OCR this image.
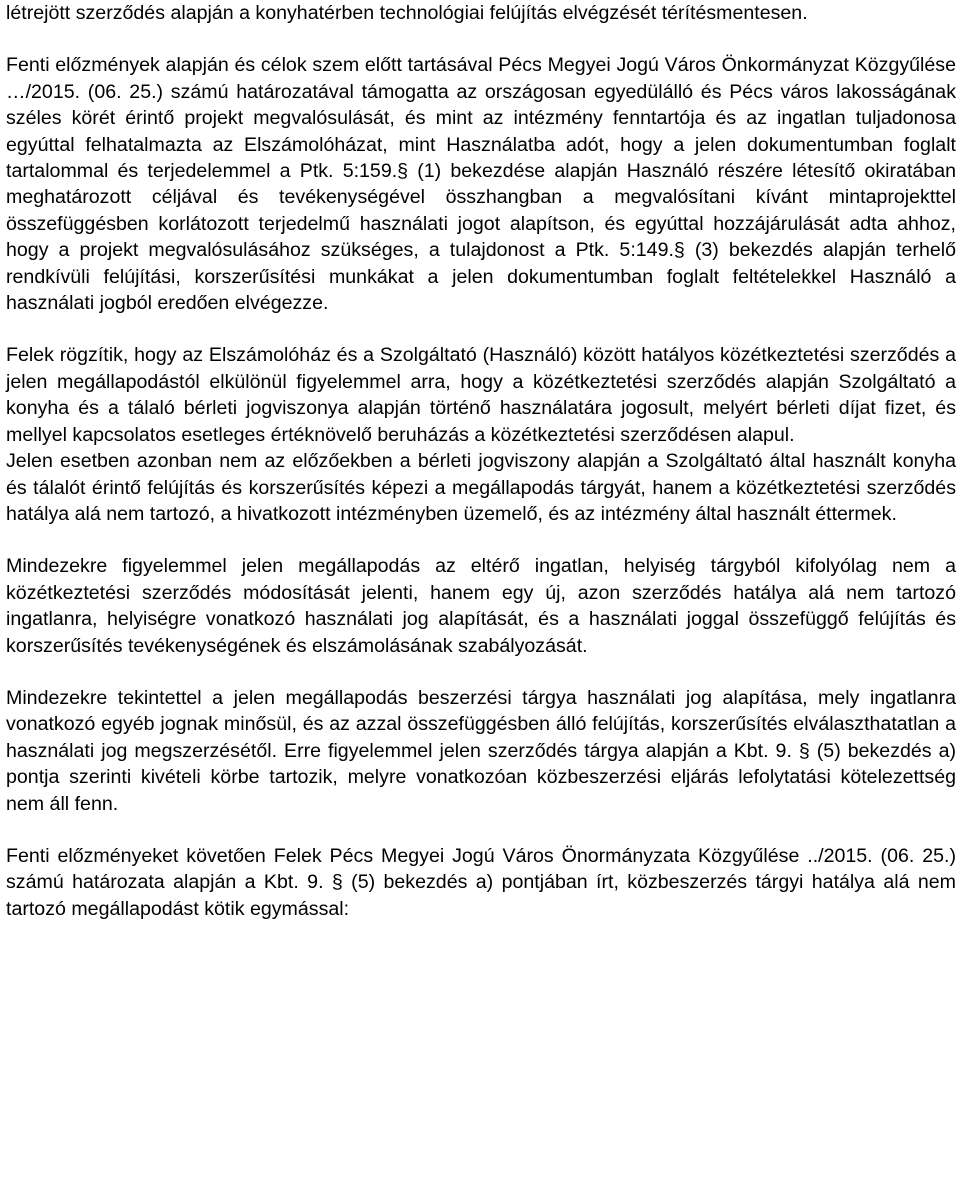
létrejött szerződés alapján a konyhatérben technológiai felújítás elvégzését térítésmentesen.

Fenti előzmények alapján és célok szem előtt tartásával Pécs Megyei Jogú Város Önkormányzat Közgyűlése …/2015. (06. 25.) számú határozatával támogatta az országosan egyedülálló és Pécs város lakosságának széles körét érintő projekt megvalósulását, és mint az intézmény fenntartója és az ingatlan tuljadonosa egyúttal felhatalmazta az Elszámolóházat, mint Használatba adót, hogy a jelen dokumentumban foglalt tartalommal és terjedelemmel a Ptk. 5:159.§ (1) bekezdése alapján Használó részére létesítő okiratában meghatározott céljával és tevékenységével összhangban a megvalósítani kívánt mintaprojekttel összefüggésben korlátozott terjedelmű használati jogot alapítson, és egyúttal hozzájárulását adta ahhoz, hogy a projekt megvalósulásához szükséges, a tulajdonost a Ptk. 5:149.§ (3) bekezdés alapján terhelő rendkívüli felújítási, korszerűsítési munkákat a jelen dokumentumban foglalt feltételekkel Használó a használati jogból eredően elvégezze.

Felek rögzítik, hogy az Elszámolóház és a Szolgáltató (Használó) között hatályos közétkeztetési szerződés a jelen megállapodástól elkülönül figyelemmel arra, hogy a közétkeztetési szerződés alapján Szolgáltató a konyha és a tálaló bérleti jogviszonya alapján történő használatára jogosult, melyért bérleti díjat fizet, és mellyel kapcsolatos esetleges értéknövelő beruházás a közétkeztetési szerződésen alapul.

Jelen esetben azonban nem az előzőekben a bérleti jogviszony alapján a Szolgáltató által használt konyha és tálalót érintő felújítás és korszerűsítés képezi a megállapodás tárgyát, hanem a közétkeztetési szerződés hatálya alá nem tartozó, a hivatkozott intézményben üzemelő, és az intézmény által használt éttermek.

Mindezekre figyelemmel jelen megállapodás az eltérő ingatlan, helyiség tárgyból kifolyólag nem a közétkeztetési szerződés módosítását jelenti, hanem egy új, azon szerződés hatálya alá nem tartozó ingatlanra, helyiségre vonatkozó használati jog alapítását, és a használati joggal összefüggő felújítás és korszerűsítés tevékenységének és elszámolásának szabályozását.

Mindezekre tekintettel a jelen megállapodás beszerzési tárgya használati jog alapítása, mely ingatlanra vonatkozó egyéb jognak minősül, és az azzal összefüggésben álló felújítás, korszerűsítés elválaszthatatlan a használati jog megszerzésétől. Erre figyelemmel jelen szerződés tárgya alapján a Kbt. 9. § (5) bekezdés a) pontja szerinti kivételi körbe tartozik, melyre vonatkozóan közbeszerzési eljárás lefolytatási kötelezettség nem áll fenn.

Fenti előzményeket követően Felek Pécs Megyei Jogú Város Önormányzata Közgyűlése ../2015. (06. 25.) számú határozata alapján a Kbt. 9. § (5) bekezdés a) pontjában írt, közbeszerzés tárgyi hatálya alá nem tartozó megállapodást kötik egymással:
